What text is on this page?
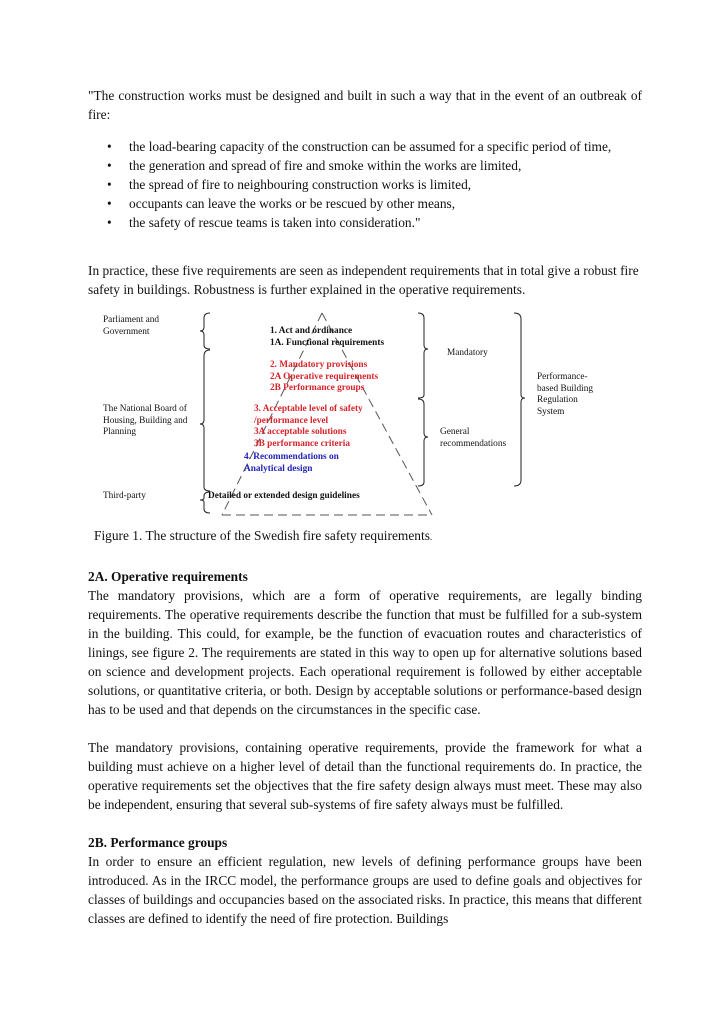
"The construction works must be designed and built in such a way that in the event of an outbreak of fire:

• the load-bearing capacity of the construction can be assumed for a specific period of time,
• the generation and spread of fire and smoke within the works are limited,
• the spread of fire to neighbouring construction works is limited,
• occupants can leave the works or be rescued by other means,
• the safety of rescue teams is taken into consideration."

In practice, these five requirements are seen as independent requirements that in total give a robust fire safety in buildings. Robustness is further explained in the operative requirements.

Parliament and
Government
The National Board of
Housing, Building and
Planning
Third-party
1. Act and ordinance
1A. Functional requirements
2. Mandatory provisions
2A Operative requirements
2B Performance groups
3. Acceptable level of safety
/performance level
3A acceptable solutions
3B performance criteria
4. Recommendations on
Analytical design
Detailed or extended design guidelines
Mandatory
General
recommendations
Performance-
based Building
Regulation
System
Figure 1. The structure of the Swedish fire safety requirements.

2A. Operative requirements

The mandatory provisions, which are a form of operative requirements, are legally binding requirements. The operative requirements describe the function that must be fulfilled for a sub-system in the building. This could, for example, be the function of evacuation routes and characteristics of linings, see figure 2. The requirements are stated in this way to open up for alternative solutions based on science and development projects. Each operational requirement is followed by either acceptable solutions, or quantitative criteria, or both. Design by acceptable solutions or performance-based design has to be used and that depends on the circumstances in the specific case.

The mandatory provisions, containing operative requirements, provide the framework for what a building must achieve on a higher level of detail than the functional requirements do. In practice, the operative requirements set the objectives that the fire safety design always must meet. These may also be independent, ensuring that several sub-systems of fire safety always must be fulfilled.

2B. Performance groups

In order to ensure an efficient regulation, new levels of defining performance groups have been introduced. As in the IRCC model, the performance groups are used to define goals and objectives for classes of buildings and occupancies based on the associated risks. In practice, this means that different classes are defined to identify the need of fire protection. Buildings
